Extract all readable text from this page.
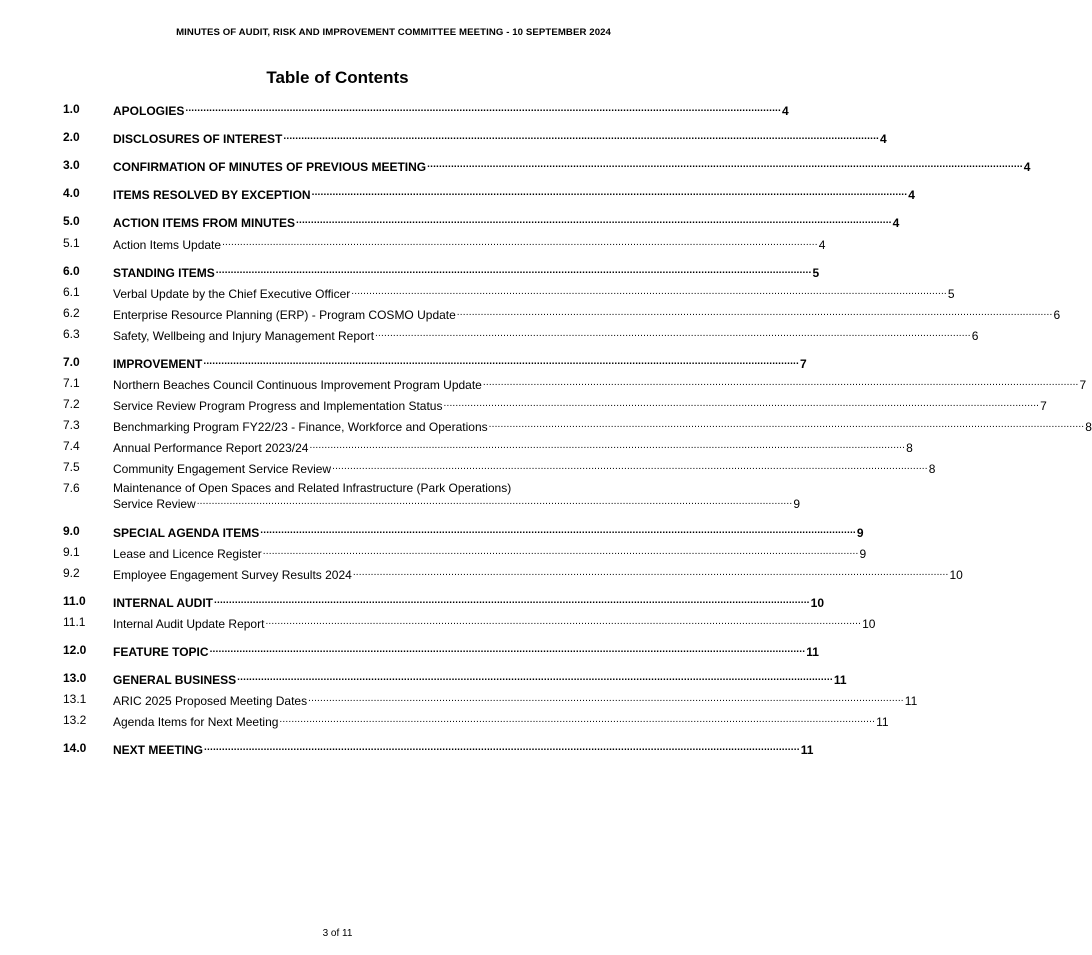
MINUTES OF AUDIT, RISK AND IMPROVEMENT COMMITTEE MEETING - 10 SEPTEMBER 2024
Table of Contents
1.0	APOLOGIES ........................................................................................................................................................................................................ 4
2.0	DISCLOSURES OF INTEREST ........................................................................................................................................................................................................ 4
3.0	CONFIRMATION OF MINUTES OF PREVIOUS MEETING ........................................................................................................................................................................................................ 4
4.0	ITEMS RESOLVED BY EXCEPTION ........................................................................................................................................................................................................ 4
5.0	ACTION ITEMS FROM MINUTES ........................................................................................................................................................................................................ 4
5.1	Action Items Update ........................................................................................................................................................................................................ 4
6.0	STANDING ITEMS ........................................................................................................................................................................................................ 5
6.1	Verbal Update by the Chief Executive Officer ........................................................................................................................................................................................................ 5
6.2	Enterprise Resource Planning (ERP) - Program COSMO Update ........................................................................................................................................................................................................ 6
6.3	Safety, Wellbeing and Injury Management Report ........................................................................................................................................................................................................ 6
7.0	IMPROVEMENT ........................................................................................................................................................................................................ 7
7.1	Northern Beaches Council Continuous Improvement Program Update ........................................................................................................................................................................................................ 7
7.2	Service Review Program Progress and Implementation Status ........................................................................................................................................................................................................ 7
7.3	Benchmarking Program FY22/23 - Finance, Workforce and Operations ........................................................................................................................................................................................................ 8
7.4	Annual Performance Report 2023/24 ........................................................................................................................................................................................................ 8
7.5	Community Engagement Service Review ........................................................................................................................................................................................................ 8
7.6	Maintenance of Open Spaces and Related Infrastructure (Park Operations)
Service Review ........................................................................................................................................................................................................ 9
9.0	SPECIAL AGENDA ITEMS ........................................................................................................................................................................................................ 9
9.1	Lease and Licence Register ........................................................................................................................................................................................................ 9
9.2	Employee Engagement Survey Results 2024 ........................................................................................................................................................................................................ 10
11.0 INTERNAL AUDIT ........................................................................................................................................................................................................ 10
11.1 Internal Audit Update Report ........................................................................................................................................................................................................ 10
12.0 FEATURE TOPIC ........................................................................................................................................................................................................ 11
13.0 GENERAL BUSINESS ........................................................................................................................................................................................................ 11
13.1 ARIC 2025 Proposed Meeting Dates ........................................................................................................................................................................................................ 11
13.2 Agenda Items for Next Meeting ........................................................................................................................................................................................................ 11
14.0 NEXT MEETING ........................................................................................................................................................................................................ 11
3 of 11
